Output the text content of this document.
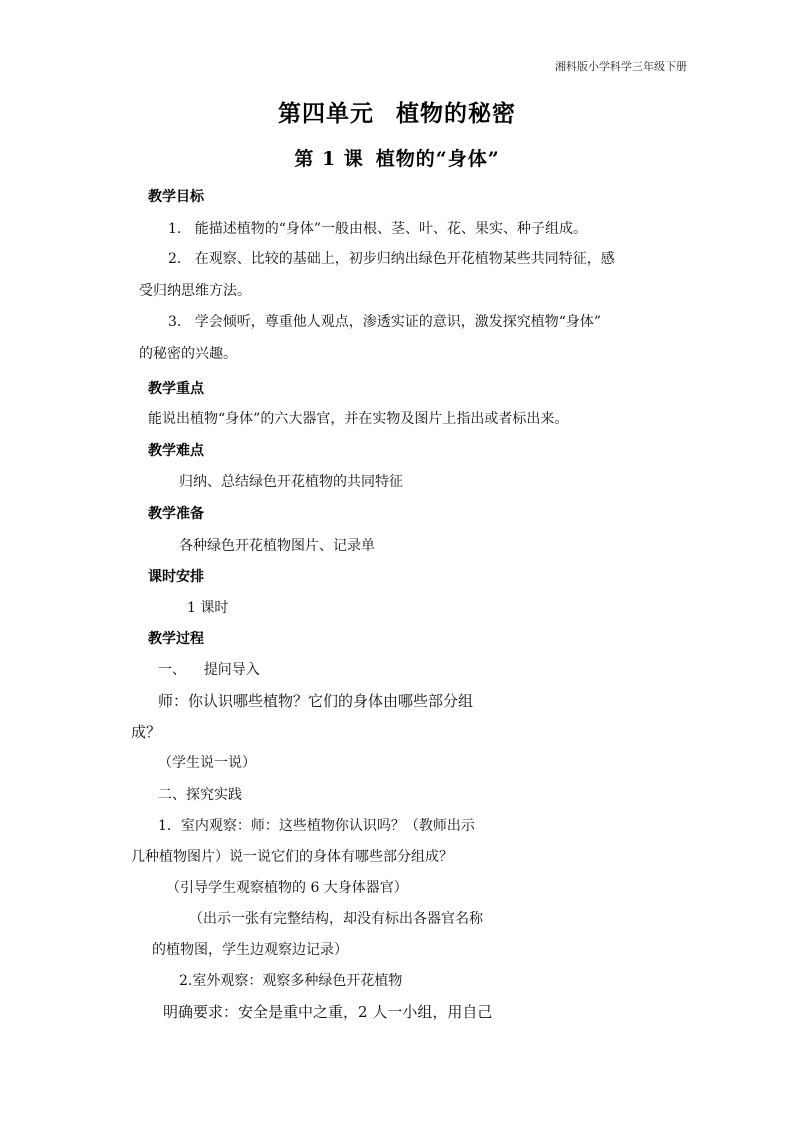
湘科版小学科学三年级下册
第四单元 植物的秘密
第 1 课 植物的“身体”
教学目标
1. 能描述植物的“身体”一般由根、茎、叶、花、果实、种子组成。
2. 在观察、比较的基础上，初步归纳出绿色开花植物某些共同特征，感
受归纳思维方法。
3. 学会倾听，尊重他人观点，渗透实证的意识，激发探究植物“身体”
的秘密的兴趣。
教学重点
能说出植物“身体”的六大器官，并在实物及图片上指出或者标出来。
教学难点
归纳、总结绿色开花植物的共同特征
教学准备
各种绿色开花植物图片、记录单
课时安排
1 课时
教学过程
一、 提问导入
师：你认识哪些植物？它们的身体由哪些部分组
成？
（学生说一说）
二、探究实践
1．室内观察：师：这些植物你认识吗？（教师出示
几种植物图片）说一说它们的身体有哪些部分组成？
（引导学生观察植物的 6 大身体器官）
（出示一张有完整结构，却没有标出各器官名称
的植物图，学生边观察边记录）
2.室外观察：观察多种绿色开花植物
明确要求：安全是重中之重，2 人一小组，用自己
